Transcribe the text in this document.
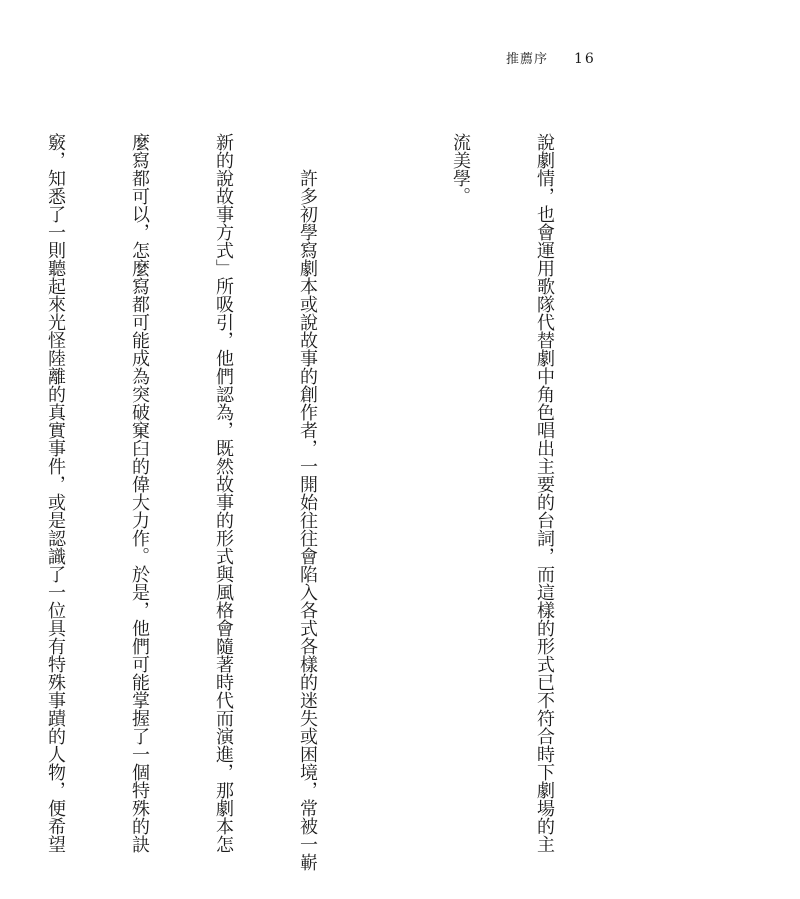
推薦序 16

說劇情，也會運用歌隊代替劇中角色唱出主要的台詞，而這樣的形式已不符合時下劇場的主

流美學。

許多初學寫劇本或說故事的創作者，一開始往往會陷入各式各樣的迷失或困境，常被一嶄

新的說故事方式」所吸引，他們認為，既然故事的形式與風格會隨著時代而演進，那劇本怎

麼寫都可以，怎麼寫都可能成為突破窠臼的偉大力作。於是，他們可能掌握了一個特殊的訣

竅，知悉了一則聽起來光怪陸離的真實事件，或是認識了一位具有特殊事蹟的人物，便希望
